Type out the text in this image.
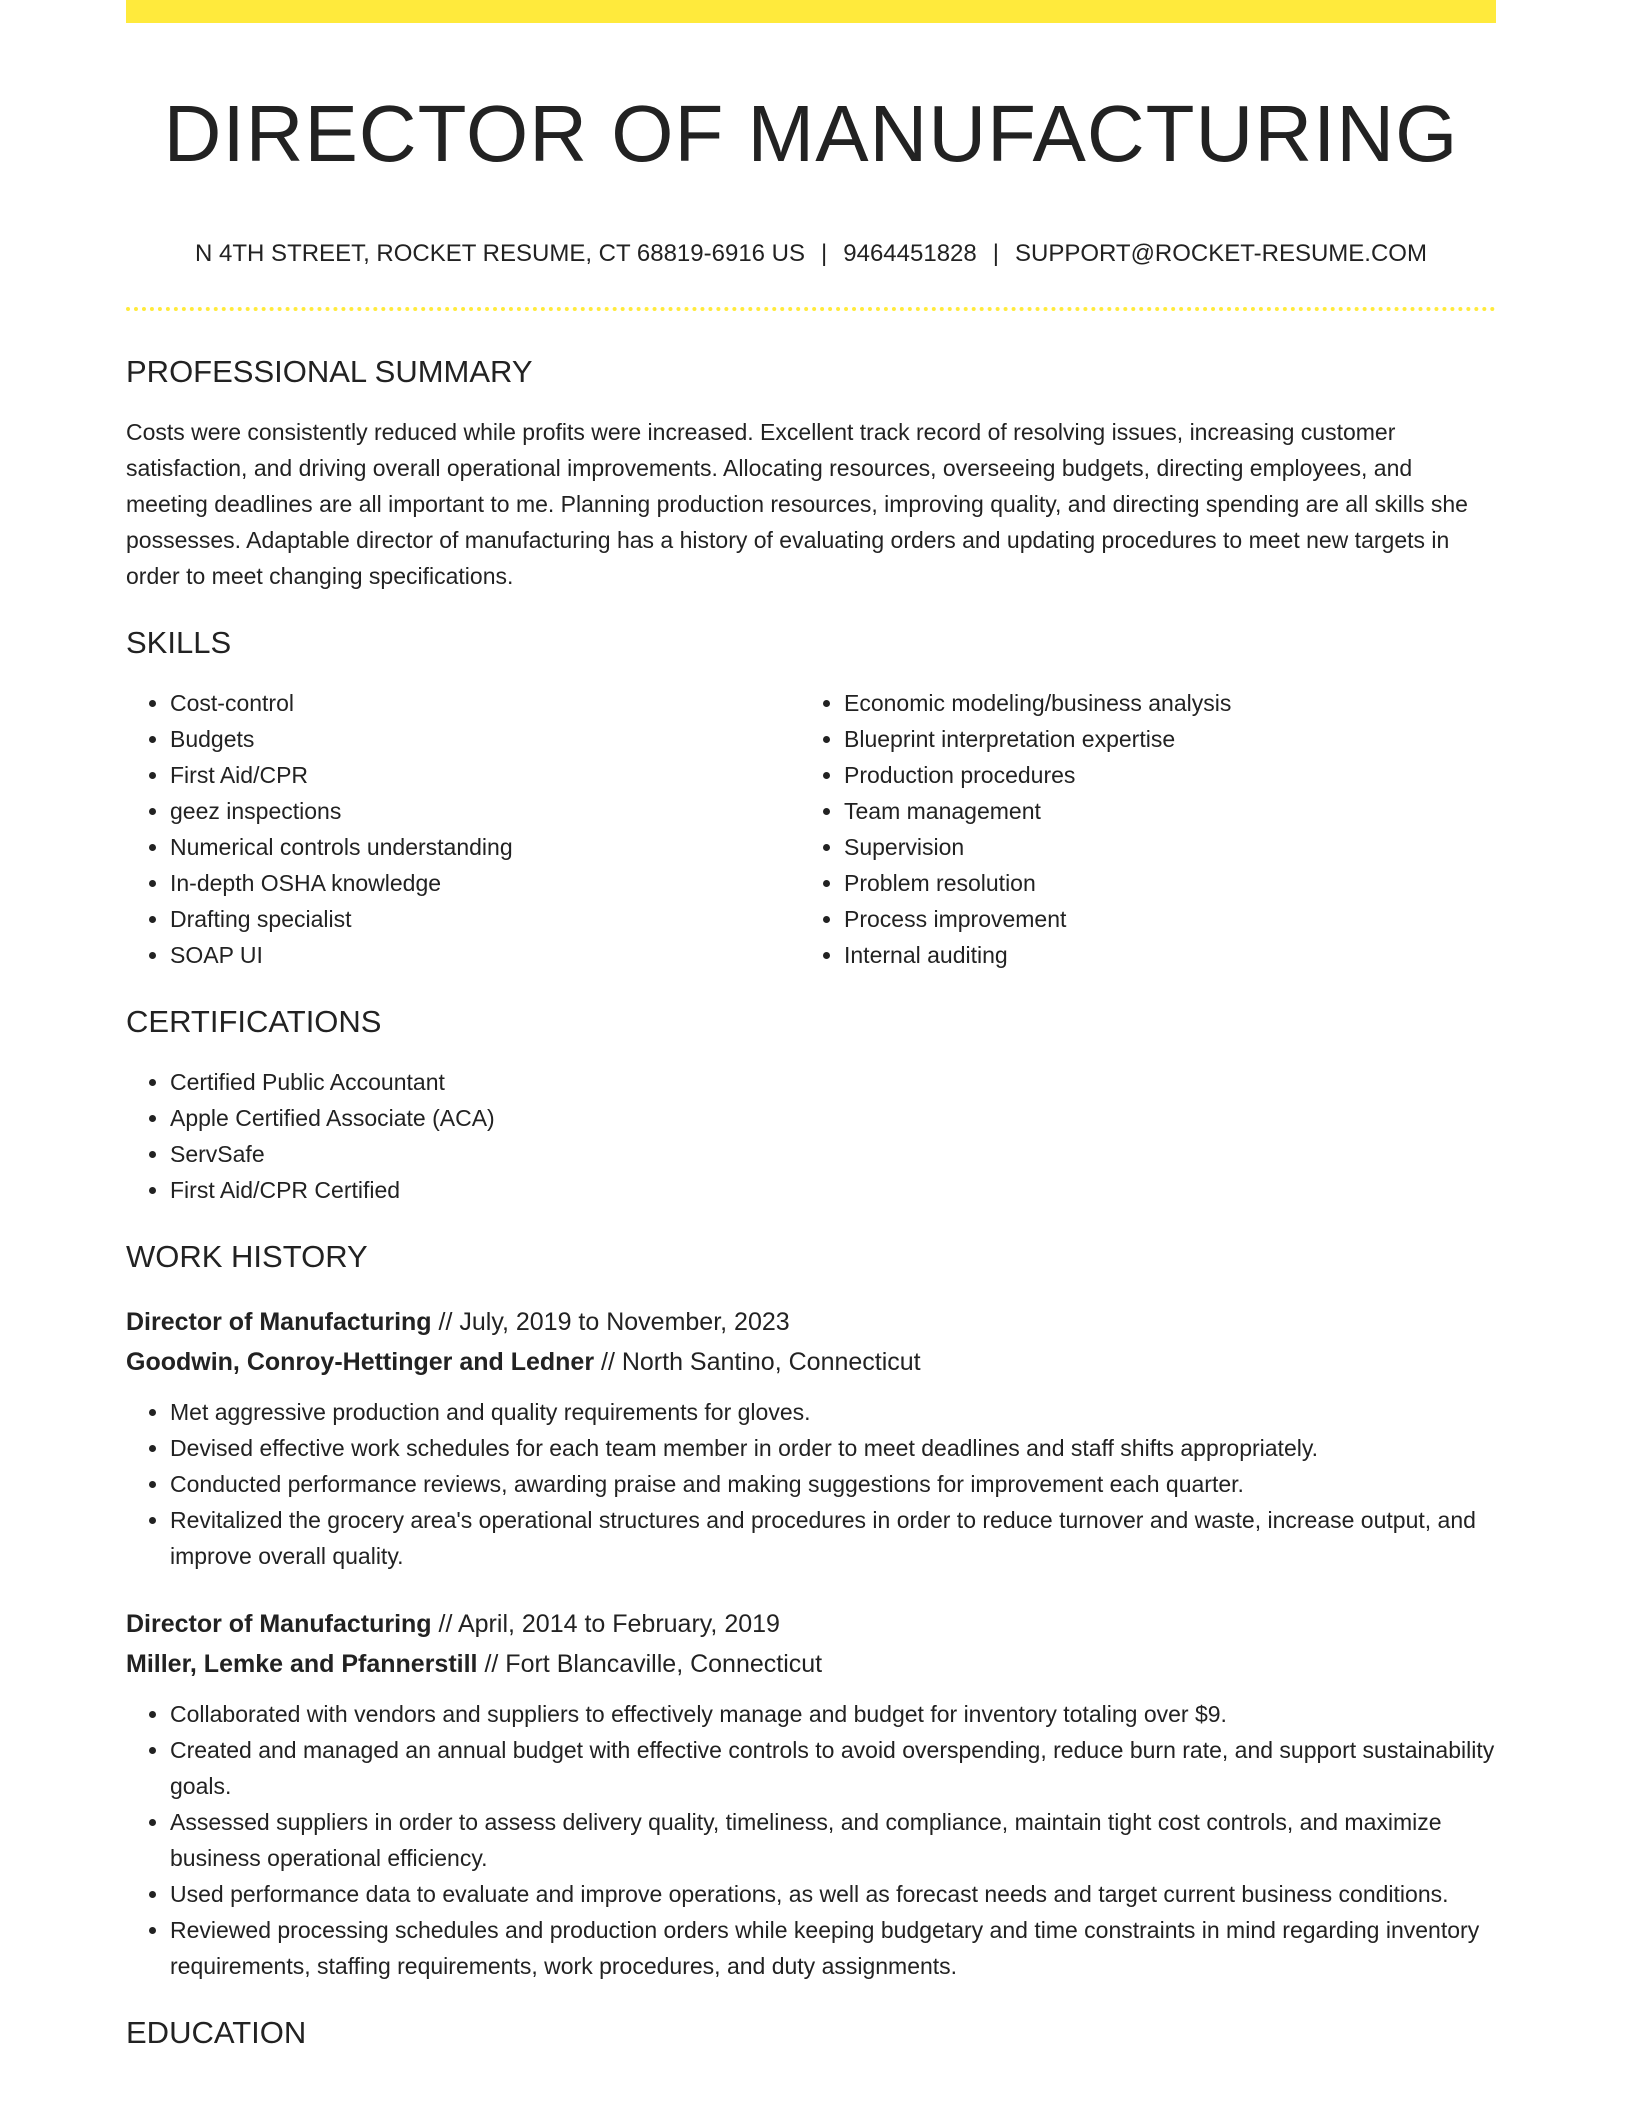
DIRECTOR OF MANUFACTURING
N 4TH STREET, ROCKET RESUME, CT 68819-6916 US | 9464451828 | SUPPORT@ROCKET-RESUME.COM
PROFESSIONAL SUMMARY

Costs were consistently reduced while profits were increased. Excellent track record of resolving issues, increasing customer satisfaction, and driving overall operational improvements. Allocating resources, overseeing budgets, directing employees, and meeting deadlines are all important to me. Planning production resources, improving quality, and directing spending are all skills she possesses. Adaptable director of manufacturing has a history of evaluating orders and updating procedures to meet new targets in order to meet changing specifications.

SKILLS
• Cost-control
• Budgets
• First Aid/CPR
• geez inspections
• Numerical controls understanding
• In-depth OSHA knowledge
• Drafting specialist
• SOAP UI
• Economic modeling/business analysis
• Blueprint interpretation expertise
• Production procedures
• Team management
• Supervision
• Problem resolution
• Process improvement
• Internal auditing
CERTIFICATIONS
• Certified Public Accountant
• Apple Certified Associate (ACA)
• ServSafe
• First Aid/CPR Certified
WORK HISTORY
Director of Manufacturing // July, 2019 to November, 2023
Goodwin, Conroy-Hettinger and Ledner // North Santino, Connecticut
• Met aggressive production and quality requirements for gloves.
• Devised effective work schedules for each team member in order to meet deadlines and staff shifts appropriately.
• Conducted performance reviews, awarding praise and making suggestions for improvement each quarter.
• Revitalized the grocery area's operational structures and procedures in order to reduce turnover and waste, increase output, and improve overall quality.
Director of Manufacturing // April, 2014 to February, 2019
Miller, Lemke and Pfannerstill // Fort Blancaville, Connecticut
• Collaborated with vendors and suppliers to effectively manage and budget for inventory totaling over $9.
• Created and managed an annual budget with effective controls to avoid overspending, reduce burn rate, and support sustainability goals.
• Assessed suppliers in order to assess delivery quality, timeliness, and compliance, maintain tight cost controls, and maximize business operational efficiency.
• Used performance data to evaluate and improve operations, as well as forecast needs and target current business conditions.
• Reviewed processing schedules and production orders while keeping budgetary and time constraints in mind regarding inventory requirements, staffing requirements, work procedures, and duty assignments.
EDUCATION
